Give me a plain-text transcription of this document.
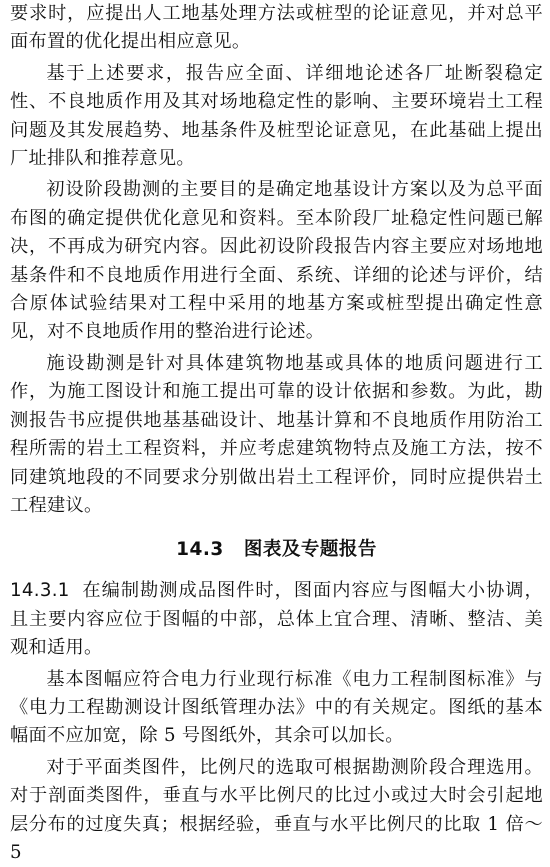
要求时，应提出人工地基处理方法或桩型的论证意见，并对总平面布置的优化提出相应意见。

基于上述要求，报告应全面、详细地论述各厂址断裂稳定性、不良地质作用及其对场地稳定性的影响、主要环境岩土工程问题及其发展趋势、地基条件及桩型论证意见，在此基础上提出厂址排队和推荐意见。

初设阶段勘测的主要目的是确定地基设计方案以及为总平面布图的确定提供优化意见和资料。至本阶段厂址稳定性问题已解决，不再成为研究内容。因此初设阶段报告内容主要应对场地地基条件和不良地质作用进行全面、系统、详细的论述与评价，结合原体试验结果对工程中采用的地基方案或桩型提出确定性意见，对不良地质作用的整治进行论述。

施设勘测是针对具体建筑物地基或具体的地质问题进行工作，为施工图设计和施工提出可靠的设计依据和参数。为此，勘测报告书应提供地基基础设计、地基计算和不良地质作用防治工程所需的岩土工程资料，并应考虑建筑物特点及施工方法，按不同建筑地段的不同要求分别做出岩土工程评价，同时应提供岩土工程建议。

14.3 图表及专题报告

14.3.1 在编制勘测成品图件时，图面内容应与图幅大小协调，且主要内容应位于图幅的中部，总体上宜合理、清晰、整洁、美观和适用。

基本图幅应符合电力行业现行标准《电力工程制图标准》与《电力工程勘测设计图纸管理办法》中的有关规定。图纸的基本幅面不应加宽，除 5 号图纸外，其余可以加长。

对于平面类图件，比例尺的选取可根据勘测阶段合理选用。对于剖面类图件，垂直与水平比例尺的比过小或过大时会引起地层分布的过度失真；根据经验，垂直与水平比例尺的比取 1 倍～5
